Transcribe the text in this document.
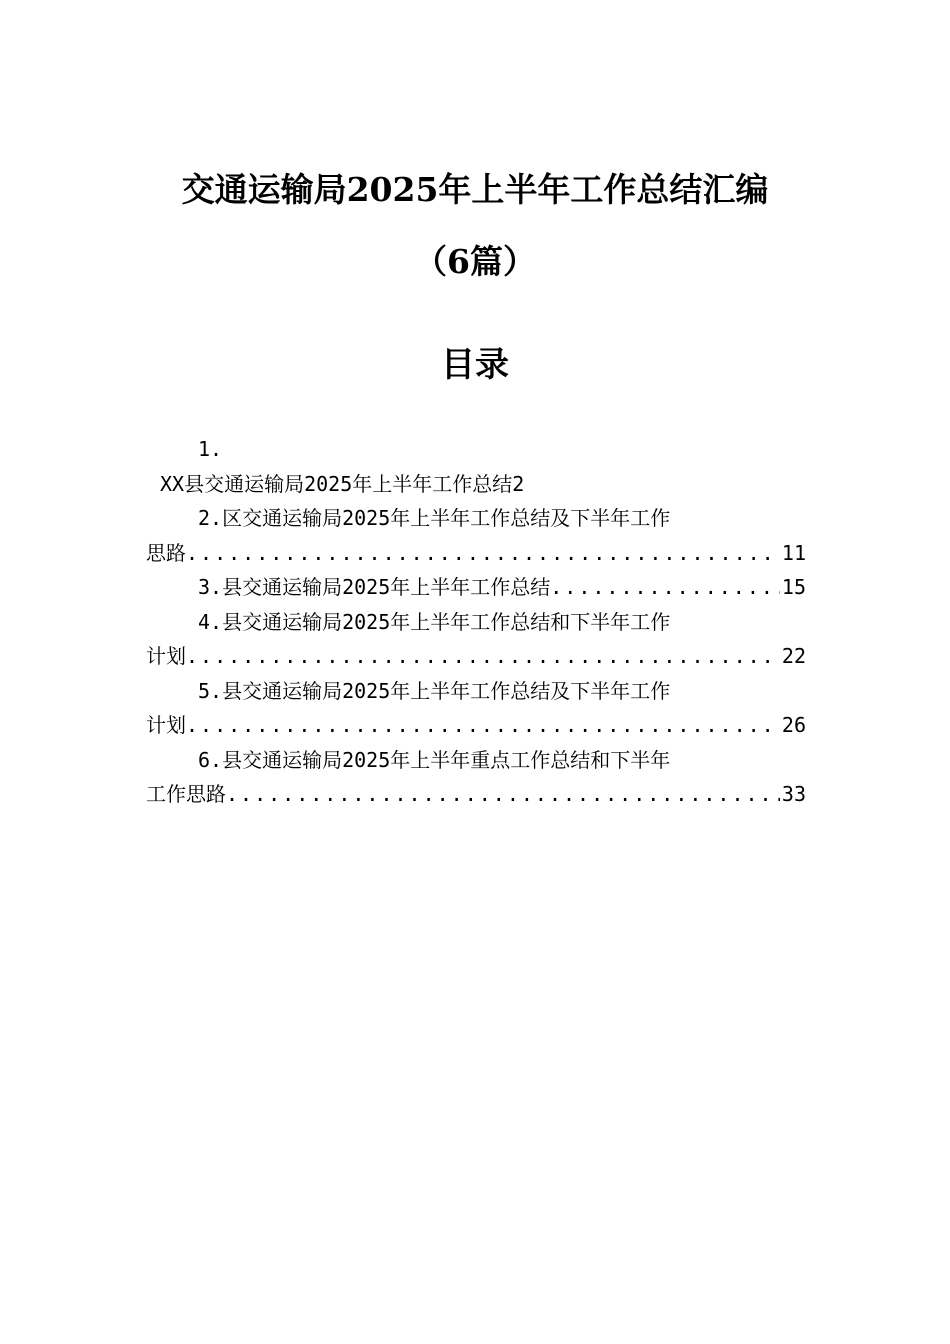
交通运输局2025年上半年工作总结汇编
（6篇）
目录
1.
XX县交通运输局2025年上半年工作总结 2
2. 区交通运输局2025年上半年工作总结及下半年工作
思路 .....	11
3. 县交通运输局2025年上半年工作总结 .....	15
4. 县交通运输局2025年上半年工作总结和下半年工作
计划 .....	22
5. 县交通运输局2025年上半年工作总结及下半年工作
计划 .....	26
6. 县交通运输局2025年上半年重点工作总结和下半年
工作思路 .....	33
